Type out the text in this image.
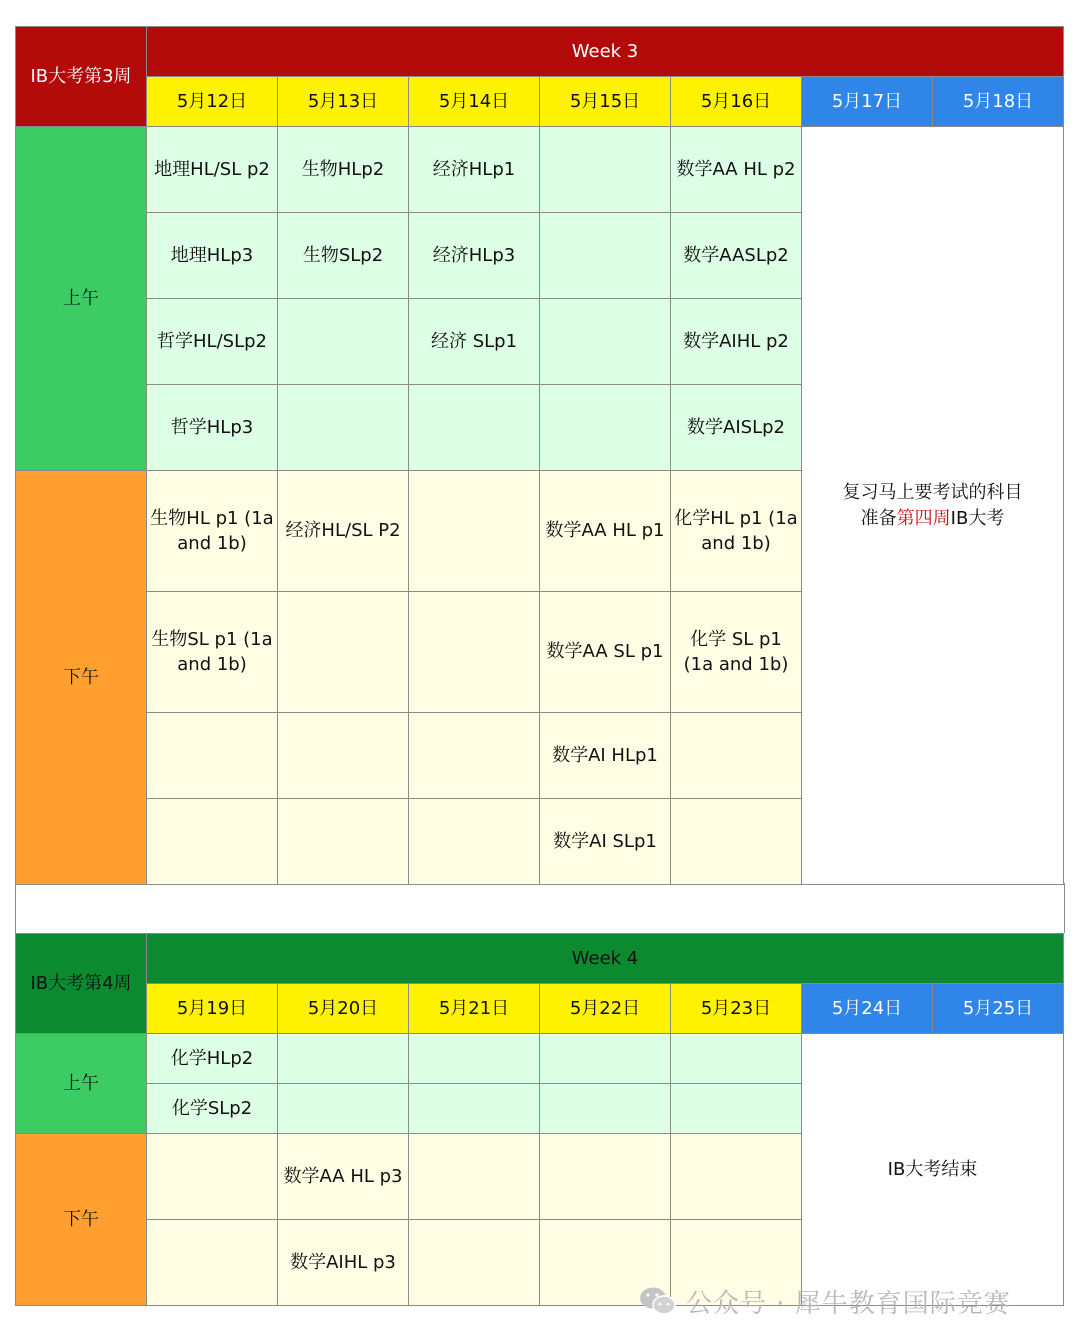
IB大考第3周	Week 3						
	5月12日	5月13日	5月14日	5月15日	5月16日	5月17日	5月18日
上午	地理HL/SL p2	生物HLp2	经济HLp1		数学AA HL p2	复习马上要考试的科目
准备第四周IB大考	

	地理HLp3	生物SLp2	经济HLp3		数学AASLp2		
	哲学HL/SLp2		经济 SLp1		数学AIHL p2		
	哲学HLp3				数学AISLp2		
下午	生物HL p1 (1a and 1b)	经济HL/SL P2		数学AA HL p1	化学HL p1 (1a and 1b)		
	生物SL p1 (1a and 1b)			数学AA SL p1	化学 SL p1 (1a and 1b)		
				数学AI HLp1			
				数学AI SLp1			
IB大考第4周	Week 4						
	5月19日	5月20日	5月21日	5月22日	5月23日	5月24日	5月25日
上午	化学HLp2					IB大考结束	
	化学SLp2						
下午		数学AA HL p3					
		数学AIHL p3					
公众号 · 犀牛教育国际竞赛
